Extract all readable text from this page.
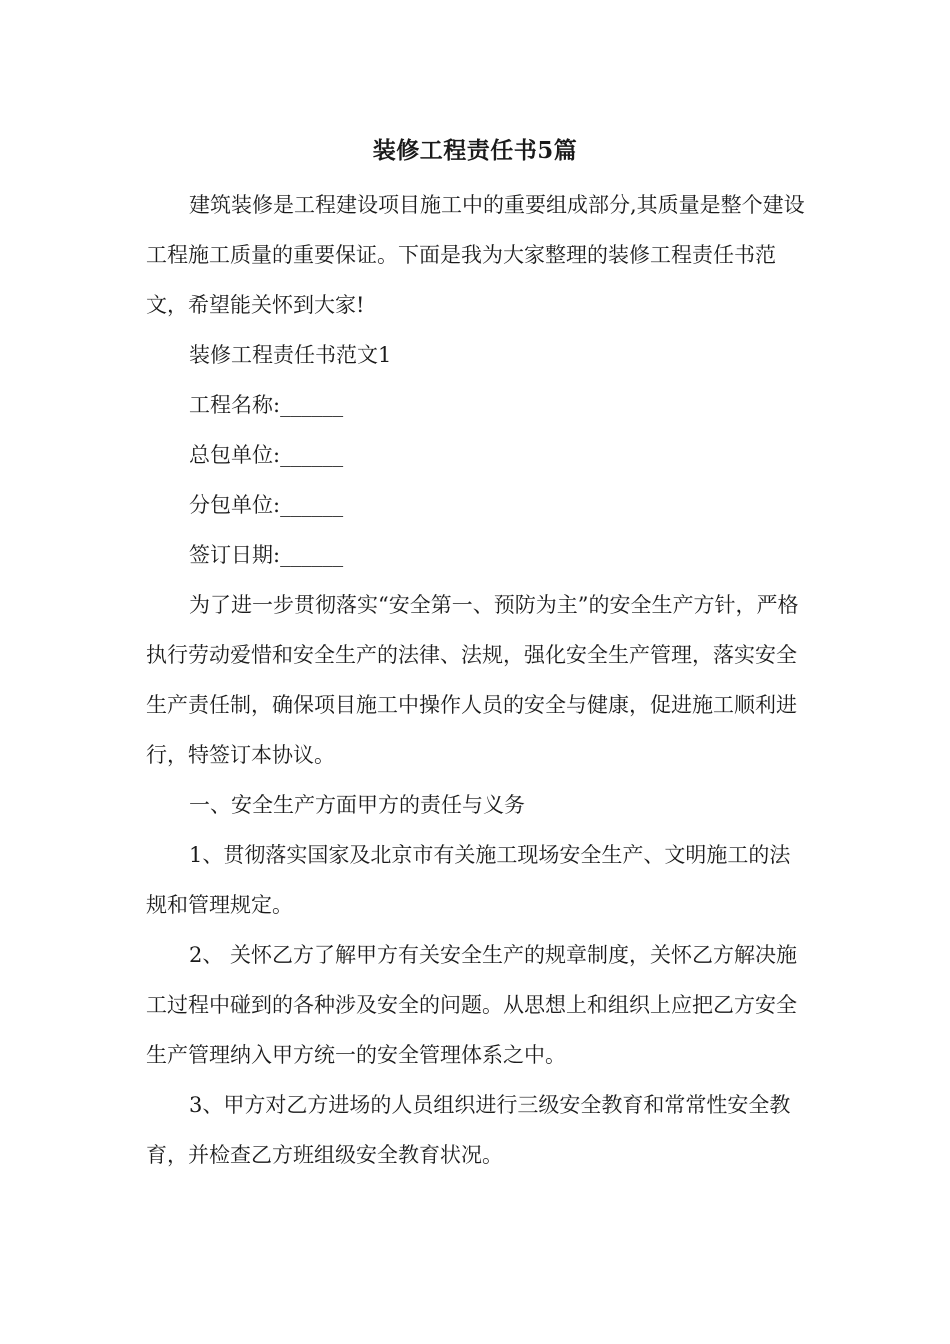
装修工程责任书5篇

建筑装修是工程建设项目施工中的重要组成部分,其质量是整个建设工程施工质量的重要保证。下面是我为大家整理的装修工程责任书范文，希望能关怀到大家!

装修工程责任书范文1

工程名称:______

总包单位:______

分包单位:______

签订日期:______

为了进一步贯彻落实“安全第一、预防为主”的安全生产方针，严格执行劳动爱惜和安全生产的法律、法规，强化安全生产管理，落实安全生产责任制，确保项目施工中操作人员的安全与健康，促进施工顺利进行，特签订本协议。

一、安全生产方面甲方的责任与义务

1、贯彻落实国家及北京市有关施工现场安全生产、文明施工的法规和管理规定。

2、 关怀乙方了解甲方有关安全生产的规章制度，关怀乙方解决施工过程中碰到的各种涉及安全的问题。从思想上和组织上应把乙方安全生产管理纳入甲方统一的安全管理体系之中。

3、甲方对乙方进场的人员组织进行三级安全教育和常常性安全教育，并检查乙方班组级安全教育状况。
